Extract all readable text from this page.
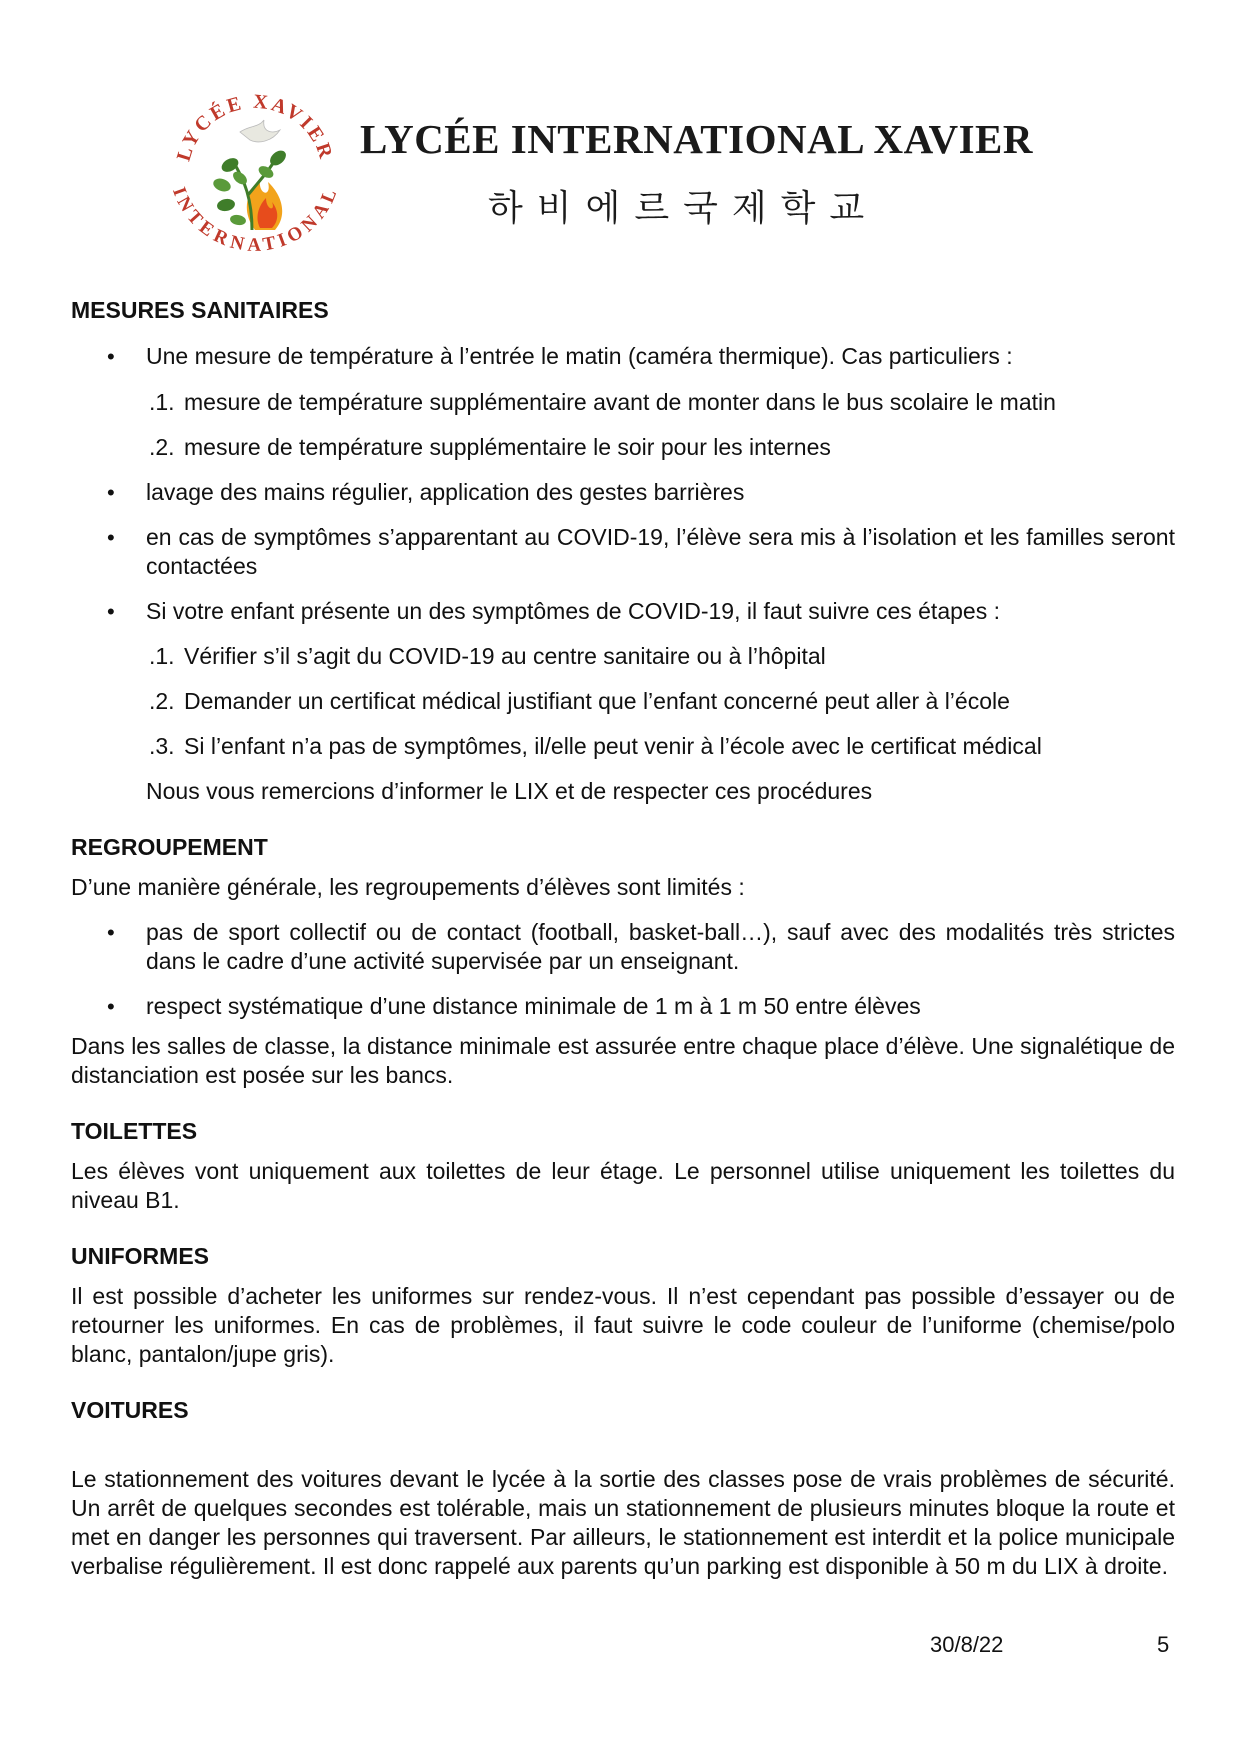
LYCÉE XAVIER
INTERNATIONAL
LYCÉE INTERNATIONAL XAVIER
하비에르국제학교

MESURES SANITAIRES

• Une mesure de température à l’entrée le matin (caméra thermique). Cas particuliers :
.1. mesure de température supplémentaire avant de monter dans le bus scolaire le matin
.2. mesure de température supplémentaire le soir pour les internes
• lavage des mains régulier, application des gestes barrières
• en cas de symptômes s’apparentant au COVID-19, l’élève sera mis à l’isolation et les familles seront contactées
• Si votre enfant présente un des symptômes de COVID-19, il faut suivre ces étapes :
.1. Vérifier s’il s’agit du COVID-19 au centre sanitaire ou à l’hôpital
.2. Demander un certificat médical justifiant que l’enfant concerné peut aller à l’école
.3. Si l’enfant n’a pas de symptômes, il/elle peut venir à l’école avec le certificat médical

Nous vous remercions d’informer le LIX et de respecter ces procédures

REGROUPEMENT

D’une manière générale, les regroupements d’élèves sont limités :

• pas de sport collectif ou de contact (football, basket-ball…), sauf avec des modalités très strictes dans le cadre d’une activité supervisée par un enseignant.
• respect systématique d’une distance minimale de 1 m à 1 m 50 entre élèves

Dans les salles de classe, la distance minimale est assurée entre chaque place d’élève. Une signalétique de distanciation est posée sur les bancs.

TOILETTES

Les élèves vont uniquement aux toilettes de leur étage. Le personnel utilise uniquement les toilettes du niveau B1.

UNIFORMES

Il est possible d’acheter les uniformes sur rendez-vous. Il n’est cependant pas possible d’essayer ou de retourner les uniformes. En cas de problèmes, il faut suivre le code couleur de l’uniforme (chemise/polo blanc, pantalon/jupe gris).

VOITURES

Le stationnement des voitures devant le lycée à la sortie des classes pose de vrais problèmes de sécurité. Un arrêt de quelques secondes est tolérable, mais un stationnement de plusieurs minutes bloque la route et met en danger les personnes qui traversent. Par ailleurs, le stationnement est interdit et la police municipale verbalise régulièrement. Il est donc rappelé aux parents qu’un parking est disponible à 50 m du LIX à droite.

30/8/22	5
